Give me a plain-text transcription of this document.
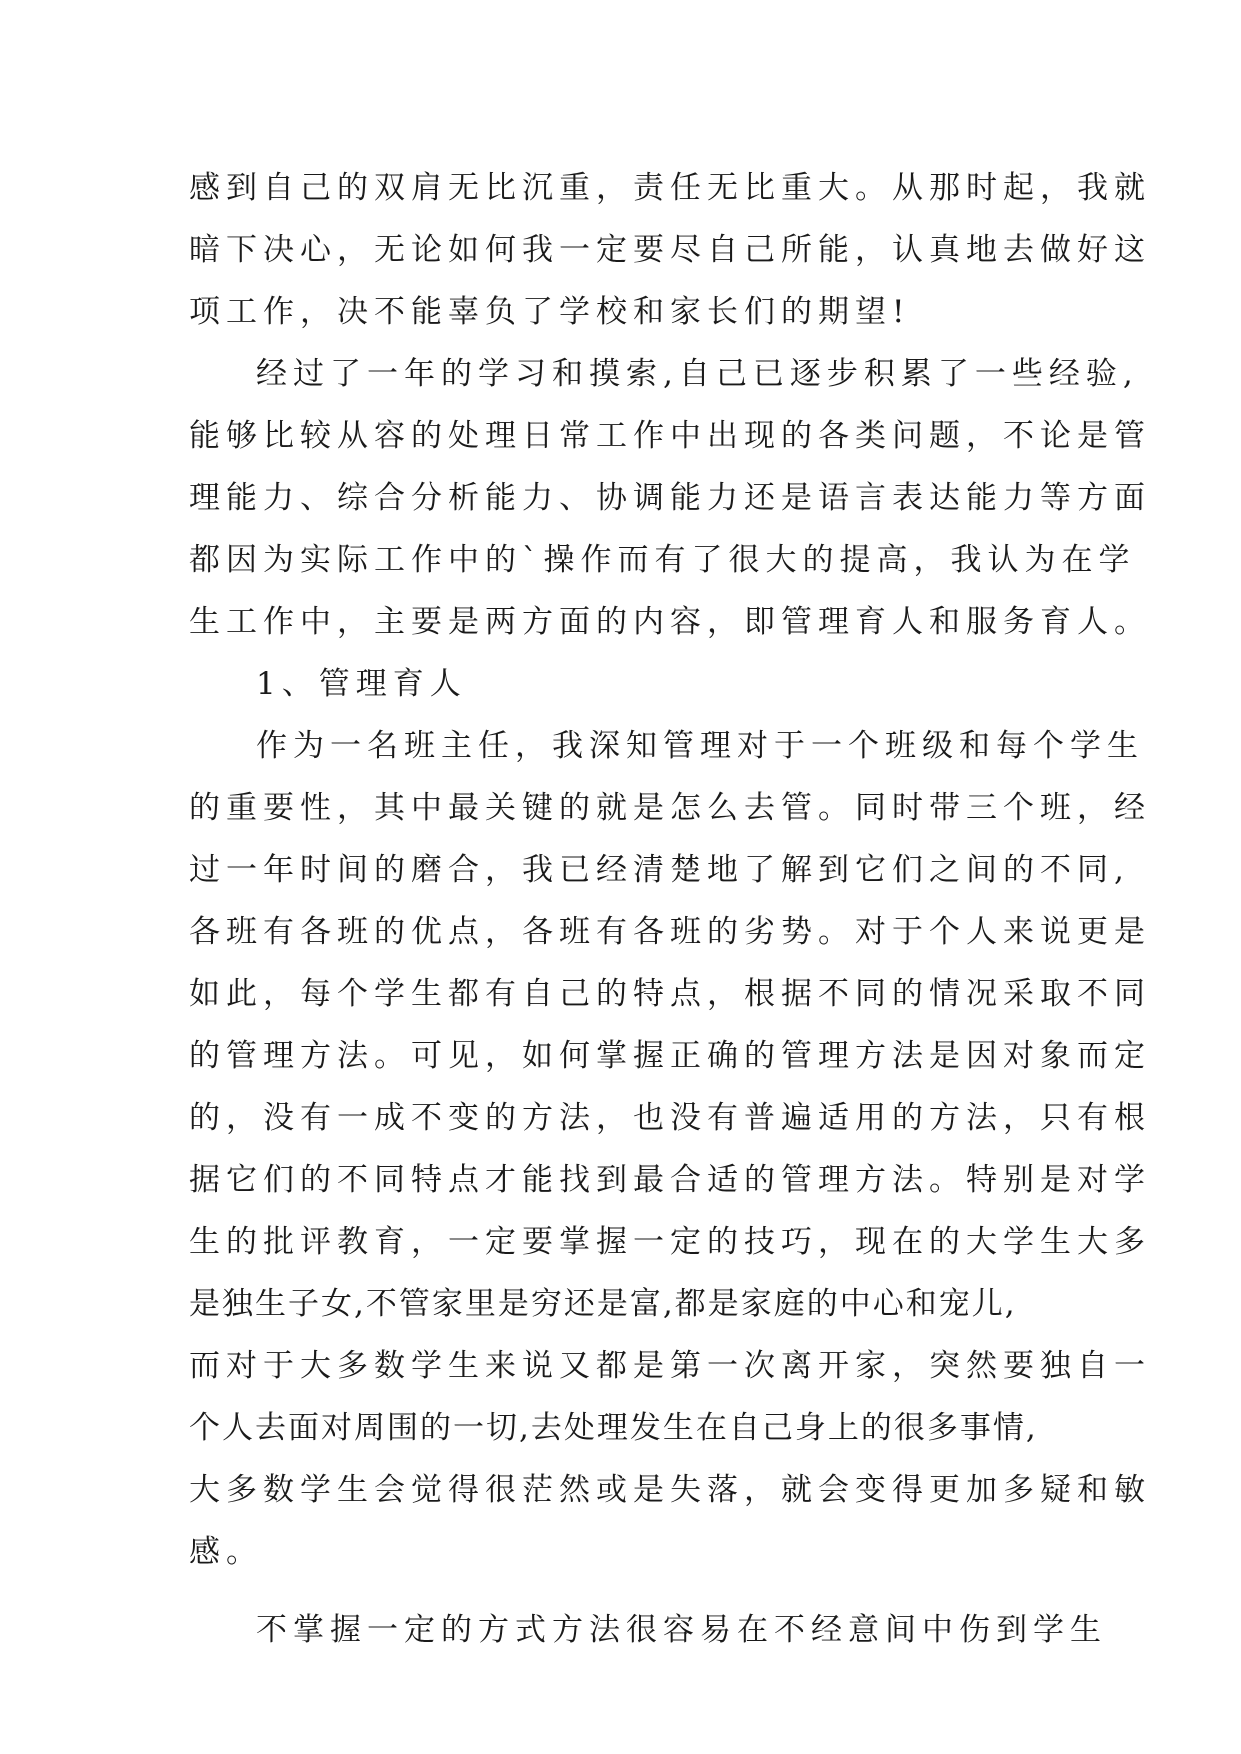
感到自己的双肩无比沉重，责任无比重大。从那时起，我就
暗下决心，无论如何我一定要尽自己所能，认真地去做好这
项工作，决不能辜负了学校和家长们的期望!
经过了一年的学习和摸索,自己已逐步积累了一些经验,
能够比较从容的处理日常工作中出现的各类问题，不论是管
理能力、综合分析能力、协调能力还是语言表达能力等方面
都因为实际工作中的`操作而有了很大的提高，我认为在学
生工作中，主要是两方面的内容，即管理育人和服务育人。
1、管理育人
作为一名班主任，我深知管理对于一个班级和每个学生
的重要性，其中最关键的就是怎么去管。同时带三个班，经
过一年时间的磨合，我已经清楚地了解到它们之间的不同,
各班有各班的优点，各班有各班的劣势。对于个人来说更是
如此，每个学生都有自己的特点，根据不同的情况采取不同
的管理方法。可见，如何掌握正确的管理方法是因对象而定
的，没有一成不变的方法，也没有普遍适用的方法，只有根
据它们的不同特点才能找到最合适的管理方法。特别是对学
生的批评教育，一定要掌握一定的技巧，现在的大学生大多
是独生子女,不管家里是穷还是富,都是家庭的中心和宠儿,
而对于大多数学生来说又都是第一次离开家，突然要独自一
个人去面对周围的一切,去处理发生在自己身上的很多事情,
大多数学生会觉得很茫然或是失落，就会变得更加多疑和敏
感。
不掌握一定的方式方法很容易在不经意间中伤到学生
